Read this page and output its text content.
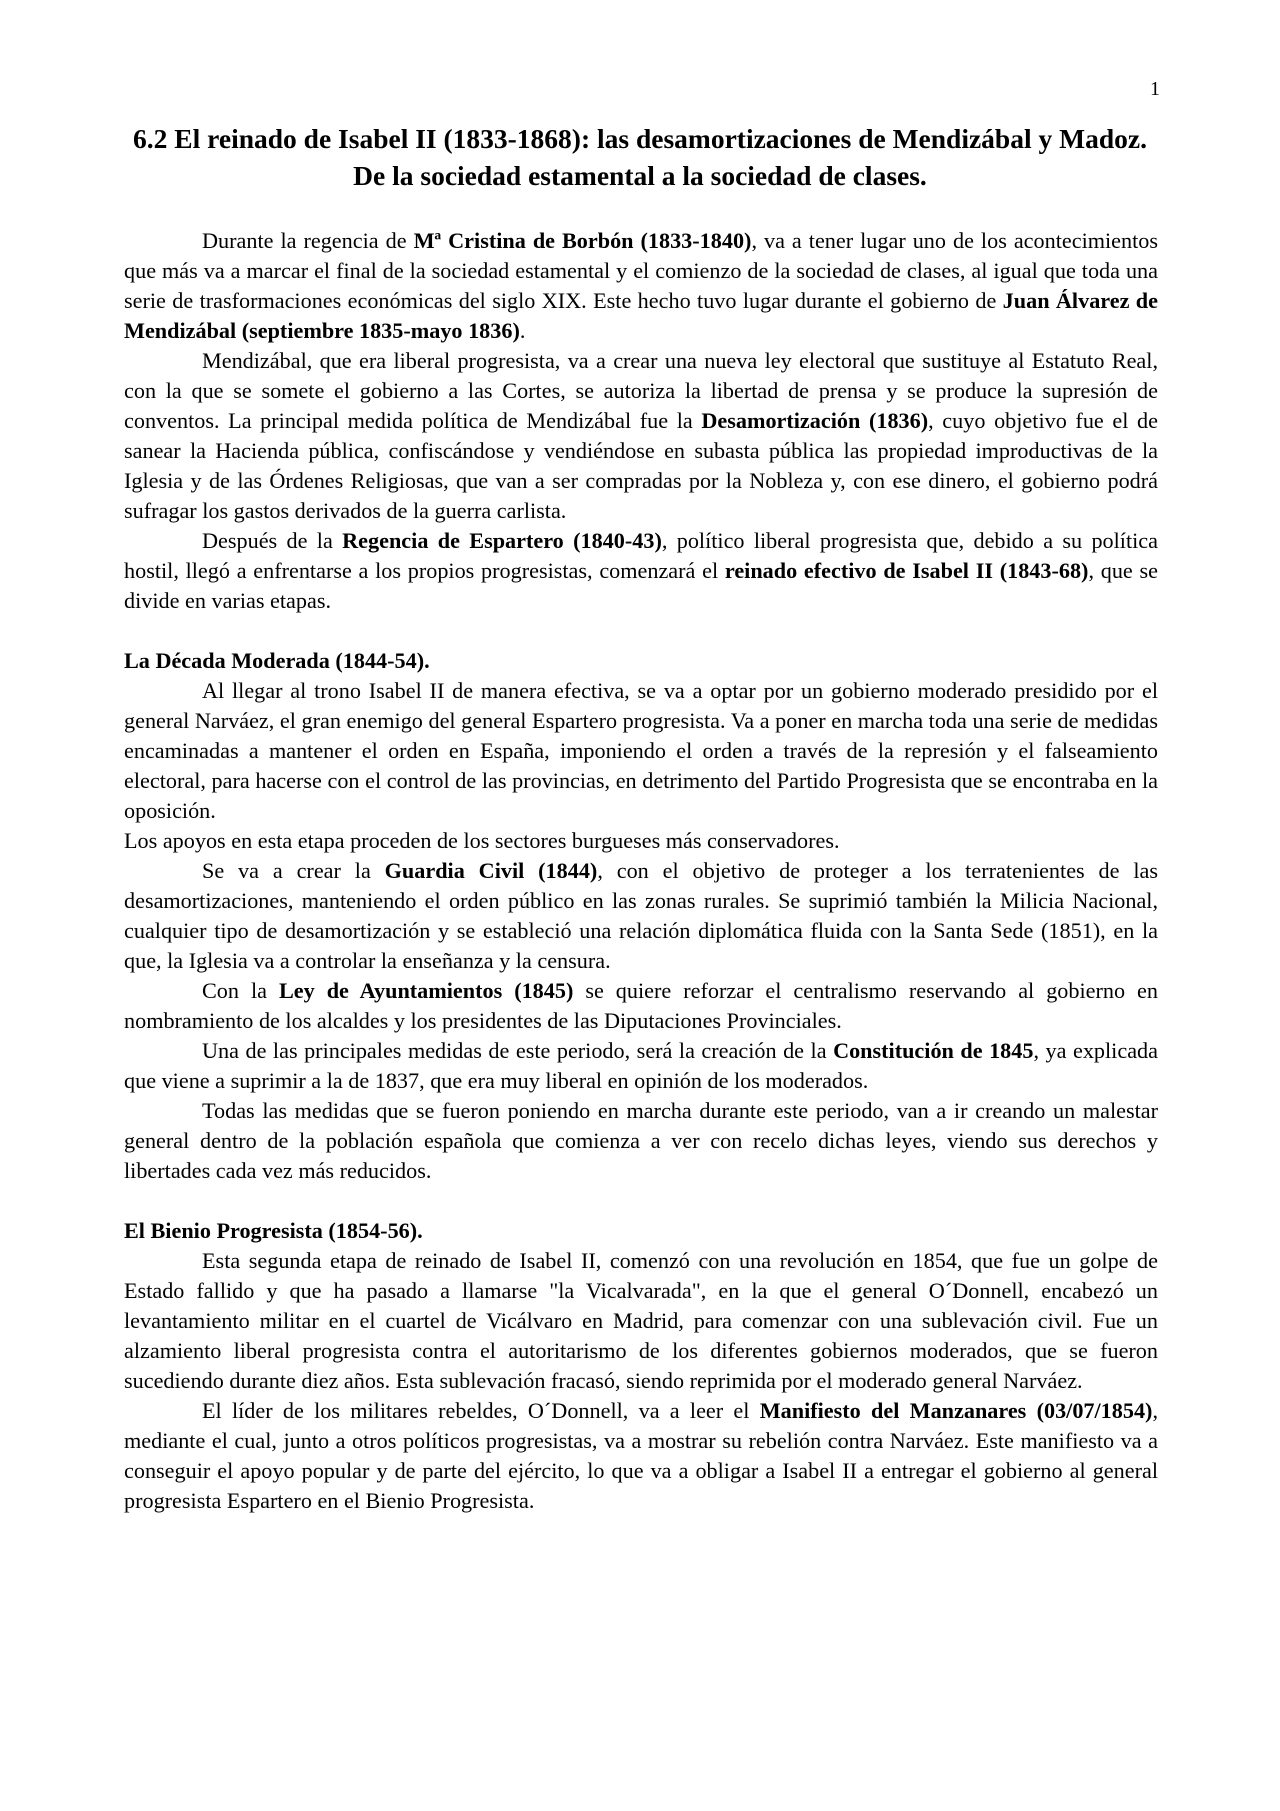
1
6.2 El reinado de Isabel II (1833-1868): las desamortizaciones de Mendizábal y Madoz. De la sociedad estamental a la sociedad de clases.

Durante la regencia de Mª Cristina de Borbón (1833-1840), va a tener lugar uno de los acontecimientos que más va a marcar el final de la sociedad estamental y el comienzo de la sociedad de clases, al igual que toda una serie de trasformaciones económicas del siglo XIX. Este hecho tuvo lugar durante el gobierno de Juan Álvarez de Mendizábal (septiembre 1835-mayo 1836).

Mendizábal, que era liberal progresista, va a crear una nueva ley electoral que sustituye al Estatuto Real, con la que se somete el gobierno a las Cortes, se autoriza la libertad de prensa y se produce la supresión de conventos. La principal medida política de Mendizábal fue la Desamortización (1836), cuyo objetivo fue el de sanear la Hacienda pública, confiscándose y vendiéndose en subasta pública las propiedad improductivas de la Iglesia y de las Órdenes Religiosas, que van a ser compradas por la Nobleza y, con ese dinero, el gobierno podrá sufragar los gastos derivados de la guerra carlista.

Después de la Regencia de Espartero (1840-43), político liberal progresista que, debido a su política hostil, llegó a enfrentarse a los propios progresistas, comenzará el reinado efectivo de Isabel II (1843-68), que se divide en varias etapas.

La Década Moderada (1844-54).

Al llegar al trono Isabel II de manera efectiva, se va a optar por un gobierno moderado presidido por el general Narváez, el gran enemigo del general Espartero progresista. Va a poner en marcha toda una serie de medidas encaminadas a mantener el orden en España, imponiendo el orden a través de la represión y el falseamiento electoral, para hacerse con el control de las provincias, en detrimento del Partido Progresista que se encontraba en la oposición.

Los apoyos en esta etapa proceden de los sectores burgueses más conservadores.

Se va a crear la Guardia Civil (1844), con el objetivo de proteger a los terratenientes de las desamortizaciones, manteniendo el orden público en las zonas rurales. Se suprimió también la Milicia Nacional, cualquier tipo de desamortización y se estableció una relación diplomática fluida con la Santa Sede (1851), en la que, la Iglesia va a controlar la enseñanza y la censura.

Con la Ley de Ayuntamientos (1845) se quiere reforzar el centralismo reservando al gobierno en nombramiento de los alcaldes y los presidentes de las Diputaciones Provinciales.

Una de las principales medidas de este periodo, será la creación de la Constitución de 1845, ya explicada que viene a suprimir a la de 1837, que era muy liberal en opinión de los moderados.

Todas las medidas que se fueron poniendo en marcha durante este periodo, van a ir creando un malestar general dentro de la población española que comienza a ver con recelo dichas leyes, viendo sus derechos y libertades cada vez más reducidos.

El Bienio Progresista (1854-56).

Esta segunda etapa de reinado de Isabel II, comenzó con una revolución en 1854, que fue un golpe de Estado fallido y que ha pasado a llamarse "la Vicalvarada", en la que el general O´Donnell, encabezó un levantamiento militar en el cuartel de Vicálvaro en Madrid, para comenzar con una sublevación civil. Fue un alzamiento liberal progresista contra el autoritarismo de los diferentes gobiernos moderados, que se fueron sucediendo durante diez años. Esta sublevación fracasó, siendo reprimida por el moderado general Narváez.

El líder de los militares rebeldes, O´Donnell, va a leer el Manifiesto del Manzanares (03/07/1854), mediante el cual, junto a otros políticos progresistas, va a mostrar su rebelión contra Narváez. Este manifiesto va a conseguir el apoyo popular y de parte del ejército, lo que va a obligar a Isabel II a entregar el gobierno al general progresista Espartero en el Bienio Progresista.
